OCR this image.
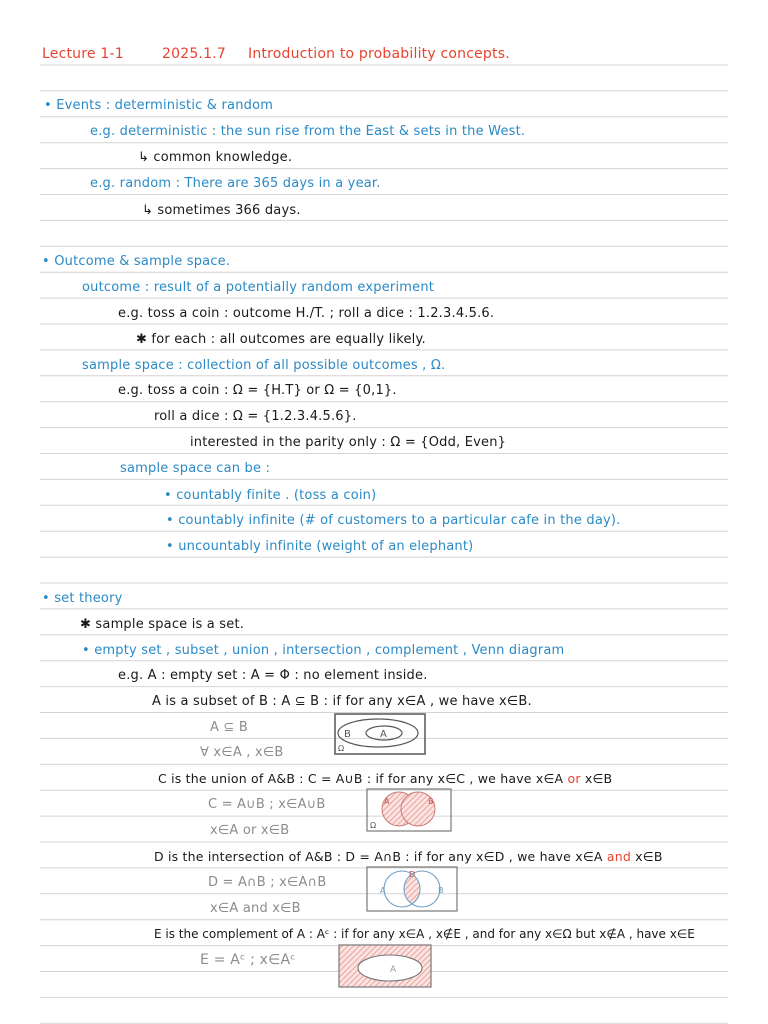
Lecture 1-1	2025.1.7 Introduction to probability concepts.
• Events : deterministic & random
e.g. deterministic : the sun rise from the East & sets in the West.
↳ common knowledge.
e.g. random : There are 365 days in a year.
↳ sometimes 366 days.
• Outcome & sample space.
outcome : result of a potentially random experiment
e.g. toss a coin : outcome H./T. ; roll a dice : 1.2.3.4.5.6.
✱ for each : all outcomes are equally likely.
sample space : collection of all possible outcomes , Ω.
e.g. toss a coin : Ω = {H.T} or Ω = {0,1}.
roll a dice : Ω = {1.2.3.4.5.6}.
interested in the parity only : Ω = {Odd, Even}
sample space can be :
• countably finite . (toss a coin)
• countably infinite (# of customers to a particular cafe in the day).
• uncountably infinite (weight of an elephant)
• set theory
✱ sample space is a set.
• empty set , subset , union , intersection , complement , Venn diagram
e.g. A : empty set : A = Φ : no element inside.
A is a subset of B : A ⊆ B : if for any x∈A , we have x∈B.
A ⊆ B
∀ x∈A , x∈B
C is the union of A&B : C = A∪B : if for any x∈C , we have x∈A or x∈B
C = A∪B ; x∈A∪B
x∈A or x∈B
D is the intersection of A&B : D = A∩B : if for any x∈D , we have x∈A and x∈B
D = A∩B ; x∈A∩B
x∈A and x∈B
E is the complement of A : Aᶜ : if for any x∈A , x∉E , and for any x∈Ω but x∉A , have x∈E
E = Aᶜ ; x∈Aᶜ
B	A
Ω
A	B
Ω
A	B
D
A
